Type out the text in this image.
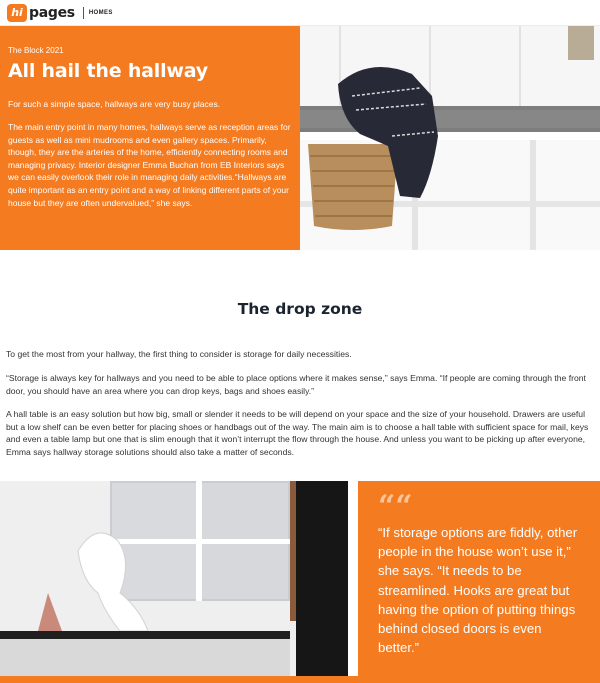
hi pages HOMES
The Block 2021
All hail the hallway
For such a simple space, hallways are very busy places.
The main entry point in many homes, hallways serve as reception areas for guests as well as mini mudrooms and even gallery spaces. Primarily, though, they are the arteries of the home, efficiently connecting rooms and managing privacy. Interior designer Emma Buchan from EB Interiors says we can easily overlook their role in managing daily activities.“Hallways are quite important as an entry point and a way of linking different parts of your house but they are often undervalued,” she says.
The drop zone
To get the most from your hallway, the first thing to consider is storage for daily necessities.
“Storage is always key for hallways and you need to be able to place options where it makes sense,” says Emma. “If people are coming through the front door, you should have an area where you can drop keys, bags and shoes easily.”
A hall table is an easy solution but how big, small or slender it needs to be will depend on your space and the size of your household. Drawers are useful but a low shelf can be even better for placing shoes or handbags out of the way. The main aim is to choose a hall table with sufficient space for mail, keys and even a table lamp but one that is slim enough that it won’t interrupt the flow through the house. And unless you want to be picking up after everyone, Emma says hallway storage solutions should also take a matter of seconds.
““
“If storage options are fiddly, other people in the house won’t use it,” she says. “It needs to be streamlined. Hooks are great but having the option of putting things behind closed doors is even better.”
